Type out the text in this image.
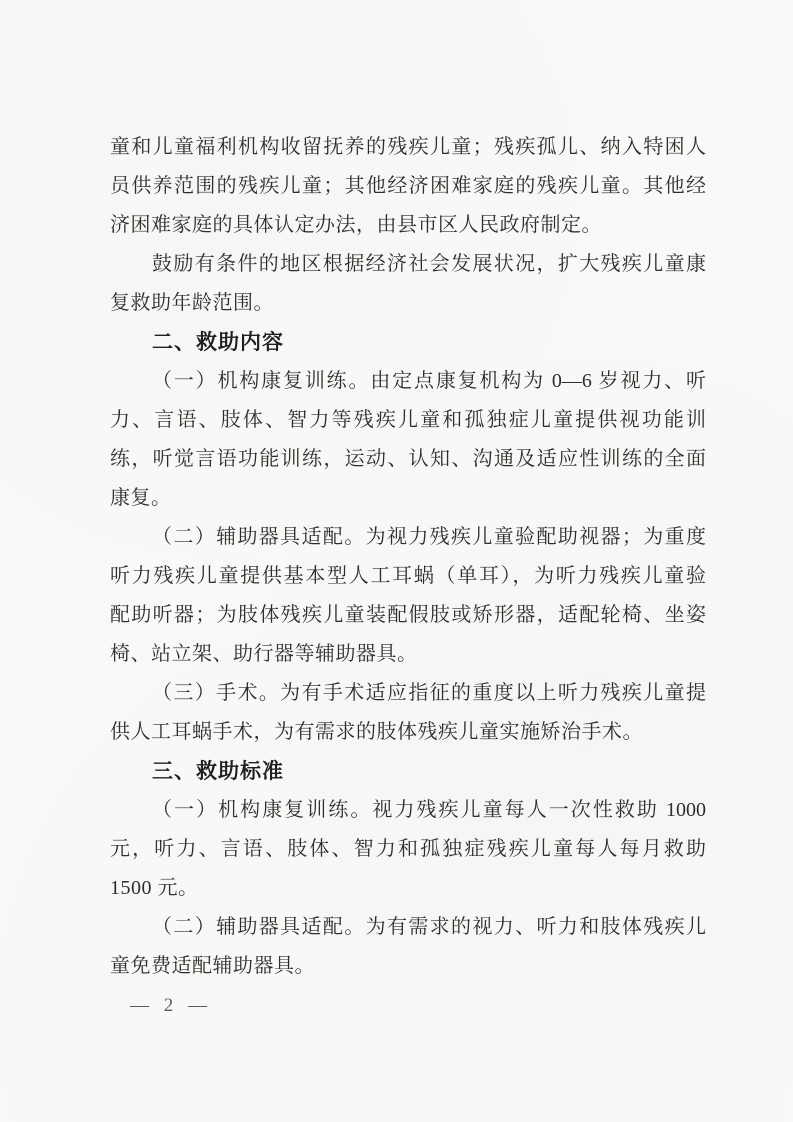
童和儿童福利机构收留抚养的残疾儿童；残疾孤儿、纳入特困人
员供养范围的残疾儿童；其他经济困难家庭的残疾儿童。其他经
济困难家庭的具体认定办法，由县市区人民政府制定。
鼓励有条件的地区根据经济社会发展状况，扩大残疾儿童康
复救助年龄范围。
二、救助内容
（一）机构康复训练。由定点康复机构为 0—6 岁视力、听
力、言语、肢体、智力等残疾儿童和孤独症儿童提供视功能训
练，听觉言语功能训练，运动、认知、沟通及适应性训练的全面
康复。
（二）辅助器具适配。为视力残疾儿童验配助视器；为重度
听力残疾儿童提供基本型人工耳蜗（单耳），为听力残疾儿童验
配助听器；为肢体残疾儿童装配假肢或矫形器，适配轮椅、坐姿
椅、站立架、助行器等辅助器具。
（三）手术。为有手术适应指征的重度以上听力残疾儿童提
供人工耳蜗手术，为有需求的肢体残疾儿童实施矫治手术。
三、救助标准
（一）机构康复训练。视力残疾儿童每人一次性救助 1000
元，听力、言语、肢体、智力和孤独症残疾儿童每人每月救助
1500 元。
（二）辅助器具适配。为有需求的视力、听力和肢体残疾儿
童免费适配辅助器具。
— 2 —
